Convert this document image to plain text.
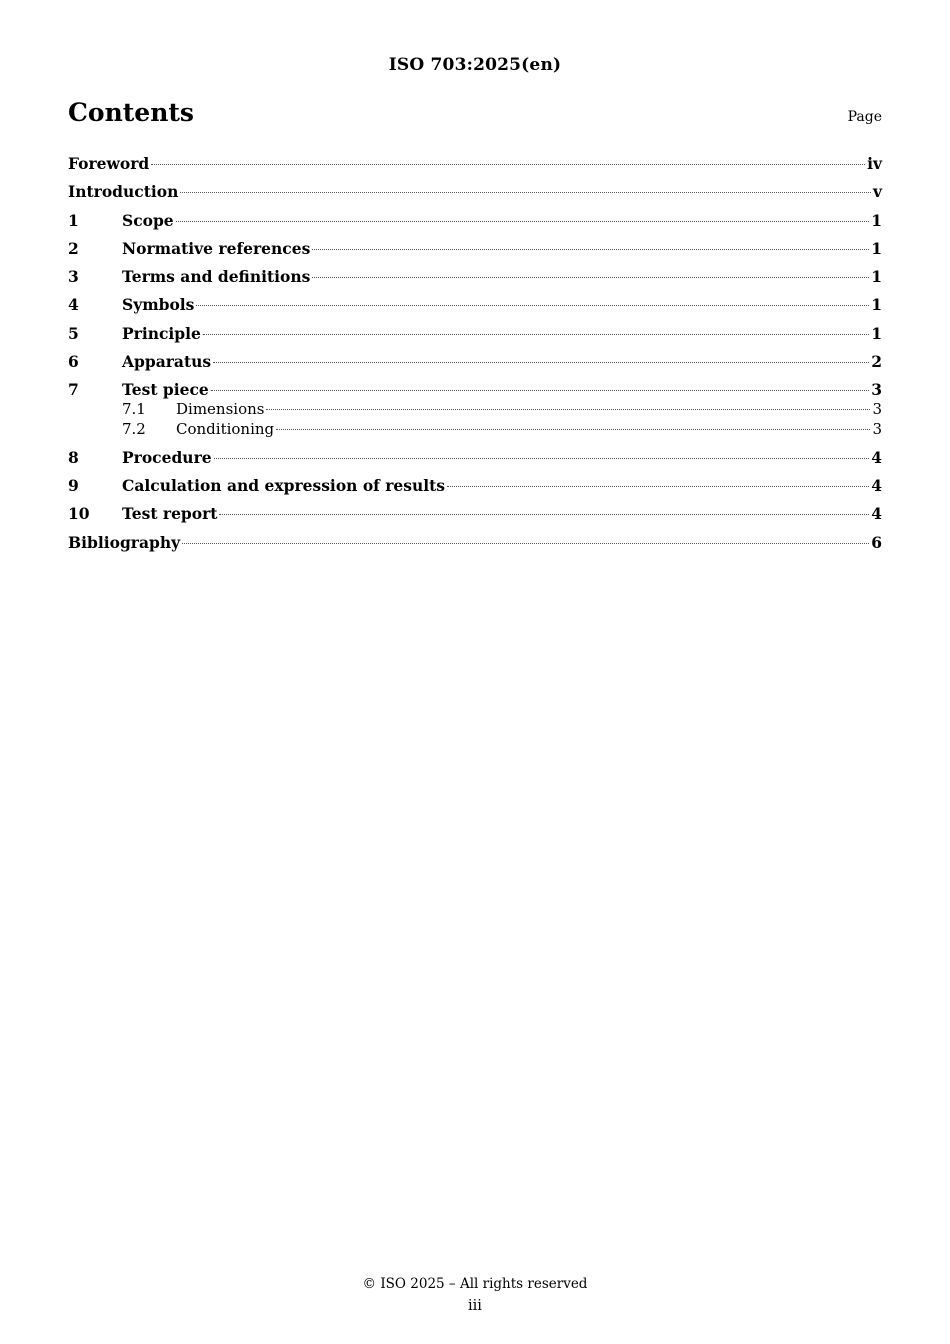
ISO 703:2025(en)
Contents	Page
Foreword	iv
Introduction	v
1	Scope	1
2	Normative references	1
3	Terms and definitions	1
4	Symbols	1
5	Principle	1
6	Apparatus	2
7	Test piece	3
7.1	Dimensions	3
7.2	Conditioning	3
8	Procedure	4
9	Calculation and expression of results	4
10	Test report	4
Bibliography	6
© ISO 2025 – All rights reserved
iii
